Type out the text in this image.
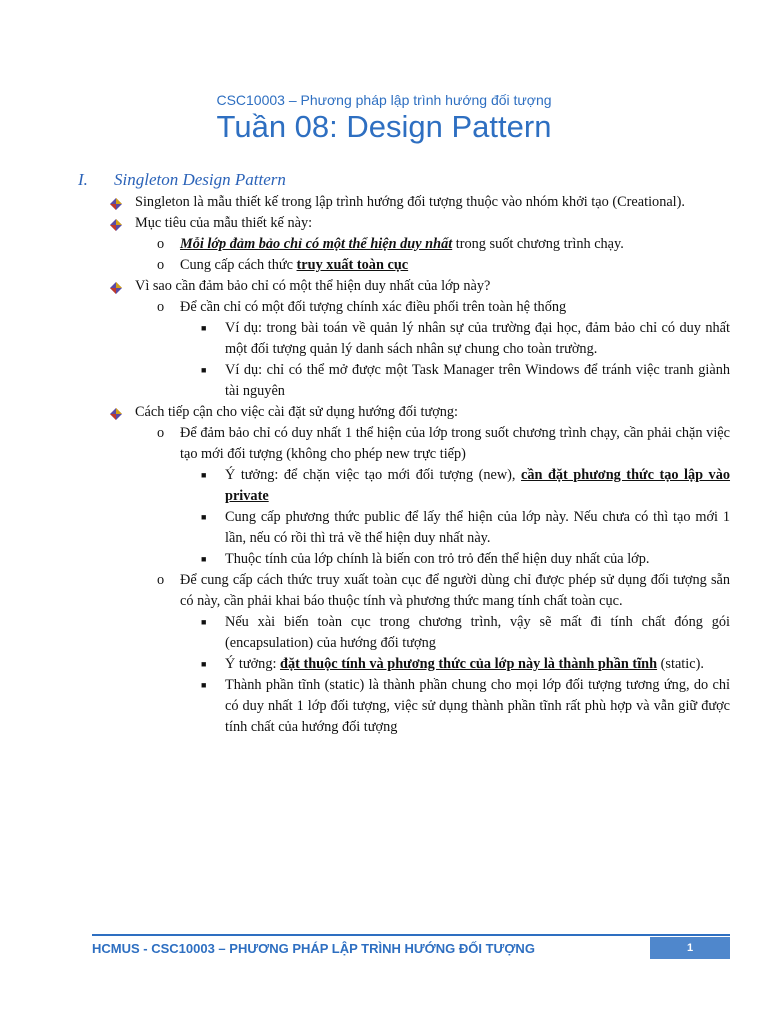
CSC10003 – Phương pháp lập trình hướng đối tượng
Tuần 08: Design Pattern
I. Singleton Design Pattern
Singleton là mẫu thiết kế trong lập trình hướng đối tượng thuộc vào nhóm khởi tạo (Creational).
Mục tiêu của mẫu thiết kế này:
o Mỗi lớp đảm bảo chỉ có một thể hiện duy nhất trong suốt chương trình chạy.
o Cung cấp cách thức truy xuất toàn cục
Vì sao cần đảm bảo chỉ có một thể hiện duy nhất của lớp này?
o Để cần chỉ có một đối tượng chính xác điều phối trên toàn hệ thống
■ Ví dụ: trong bài toán về quản lý nhân sự của trường đại học, đảm bảo chỉ có duy nhất một đối tượng quản lý danh sách nhân sự chung cho toàn trường.
■ Ví dụ: chỉ có thể mở được một Task Manager trên Windows để tránh việc tranh giành tài nguyên
Cách tiếp cận cho việc cài đặt sử dụng hướng đối tượng:
o Để đảm bảo chỉ có duy nhất 1 thể hiện của lớp trong suốt chương trình chạy, cần phải chặn việc tạo mới đối tượng (không cho phép new trực tiếp)
■ Ý tưởng: để chặn việc tạo mới đối tượng (new), cần đặt phương thức tạo lập vào private
■ Cung cấp phương thức public để lấy thể hiện của lớp này. Nếu chưa có thì tạo mới 1 lần, nếu có rồi thì trả về thể hiện duy nhất này.
■ Thuộc tính của lớp chính là biến con trỏ trỏ đến thể hiện duy nhất của lớp.
o Để cung cấp cách thức truy xuất toàn cục để người dùng chỉ được phép sử dụng đối tượng sẵn có này, cần phải khai báo thuộc tính và phương thức mang tính chất toàn cục.
■ Nếu xài biến toàn cục trong chương trình, vậy sẽ mất đi tính chất đóng gói (encapsulation) của hướng đối tượng
■ Ý tưởng: đặt thuộc tính và phương thức của lớp này là thành phần tĩnh (static).
■ Thành phần tĩnh (static) là thành phần chung cho mọi lớp đối tượng tương ứng, do chỉ có duy nhất 1 lớp đối tượng, việc sử dụng thành phần tĩnh rất phù hợp và vẫn giữ được tính chất của hướng đối tượng
HCMUS - CSC10003 – PHƯƠNG PHÁP LẬP TRÌNH HƯỚNG ĐỐI TƯỢNG	1
